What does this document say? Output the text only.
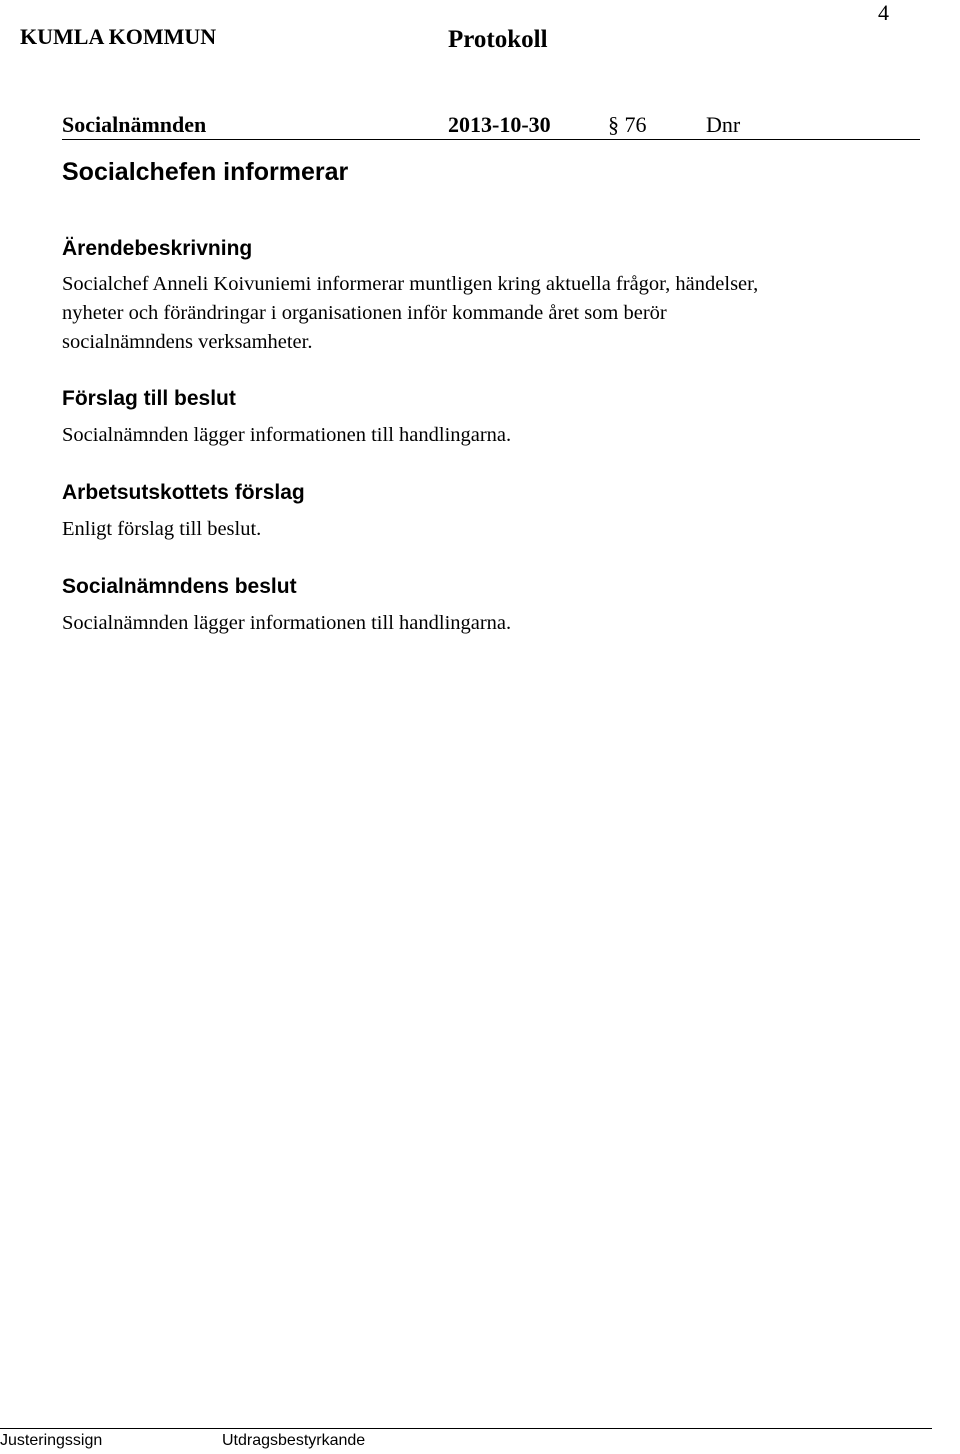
4
KUMLA KOMMUN	Protokoll
Socialnämnden	2013-10-30	§ 76	Dnr
Socialchefen informerar
Ärendebeskrivning
Socialchef Anneli Koivuniemi informerar muntligen kring aktuella frågor, händelser,
nyheter och förändringar i organisationen inför kommande året som berör
socialnämndens verksamheter.
Förslag till beslut
Socialnämnden lägger informationen till handlingarna.
Arbetsutskottets förslag
Enligt förslag till beslut.
Socialnämndens beslut
Socialnämnden lägger informationen till handlingarna.
Justeringssign	Utdragsbestyrkande
